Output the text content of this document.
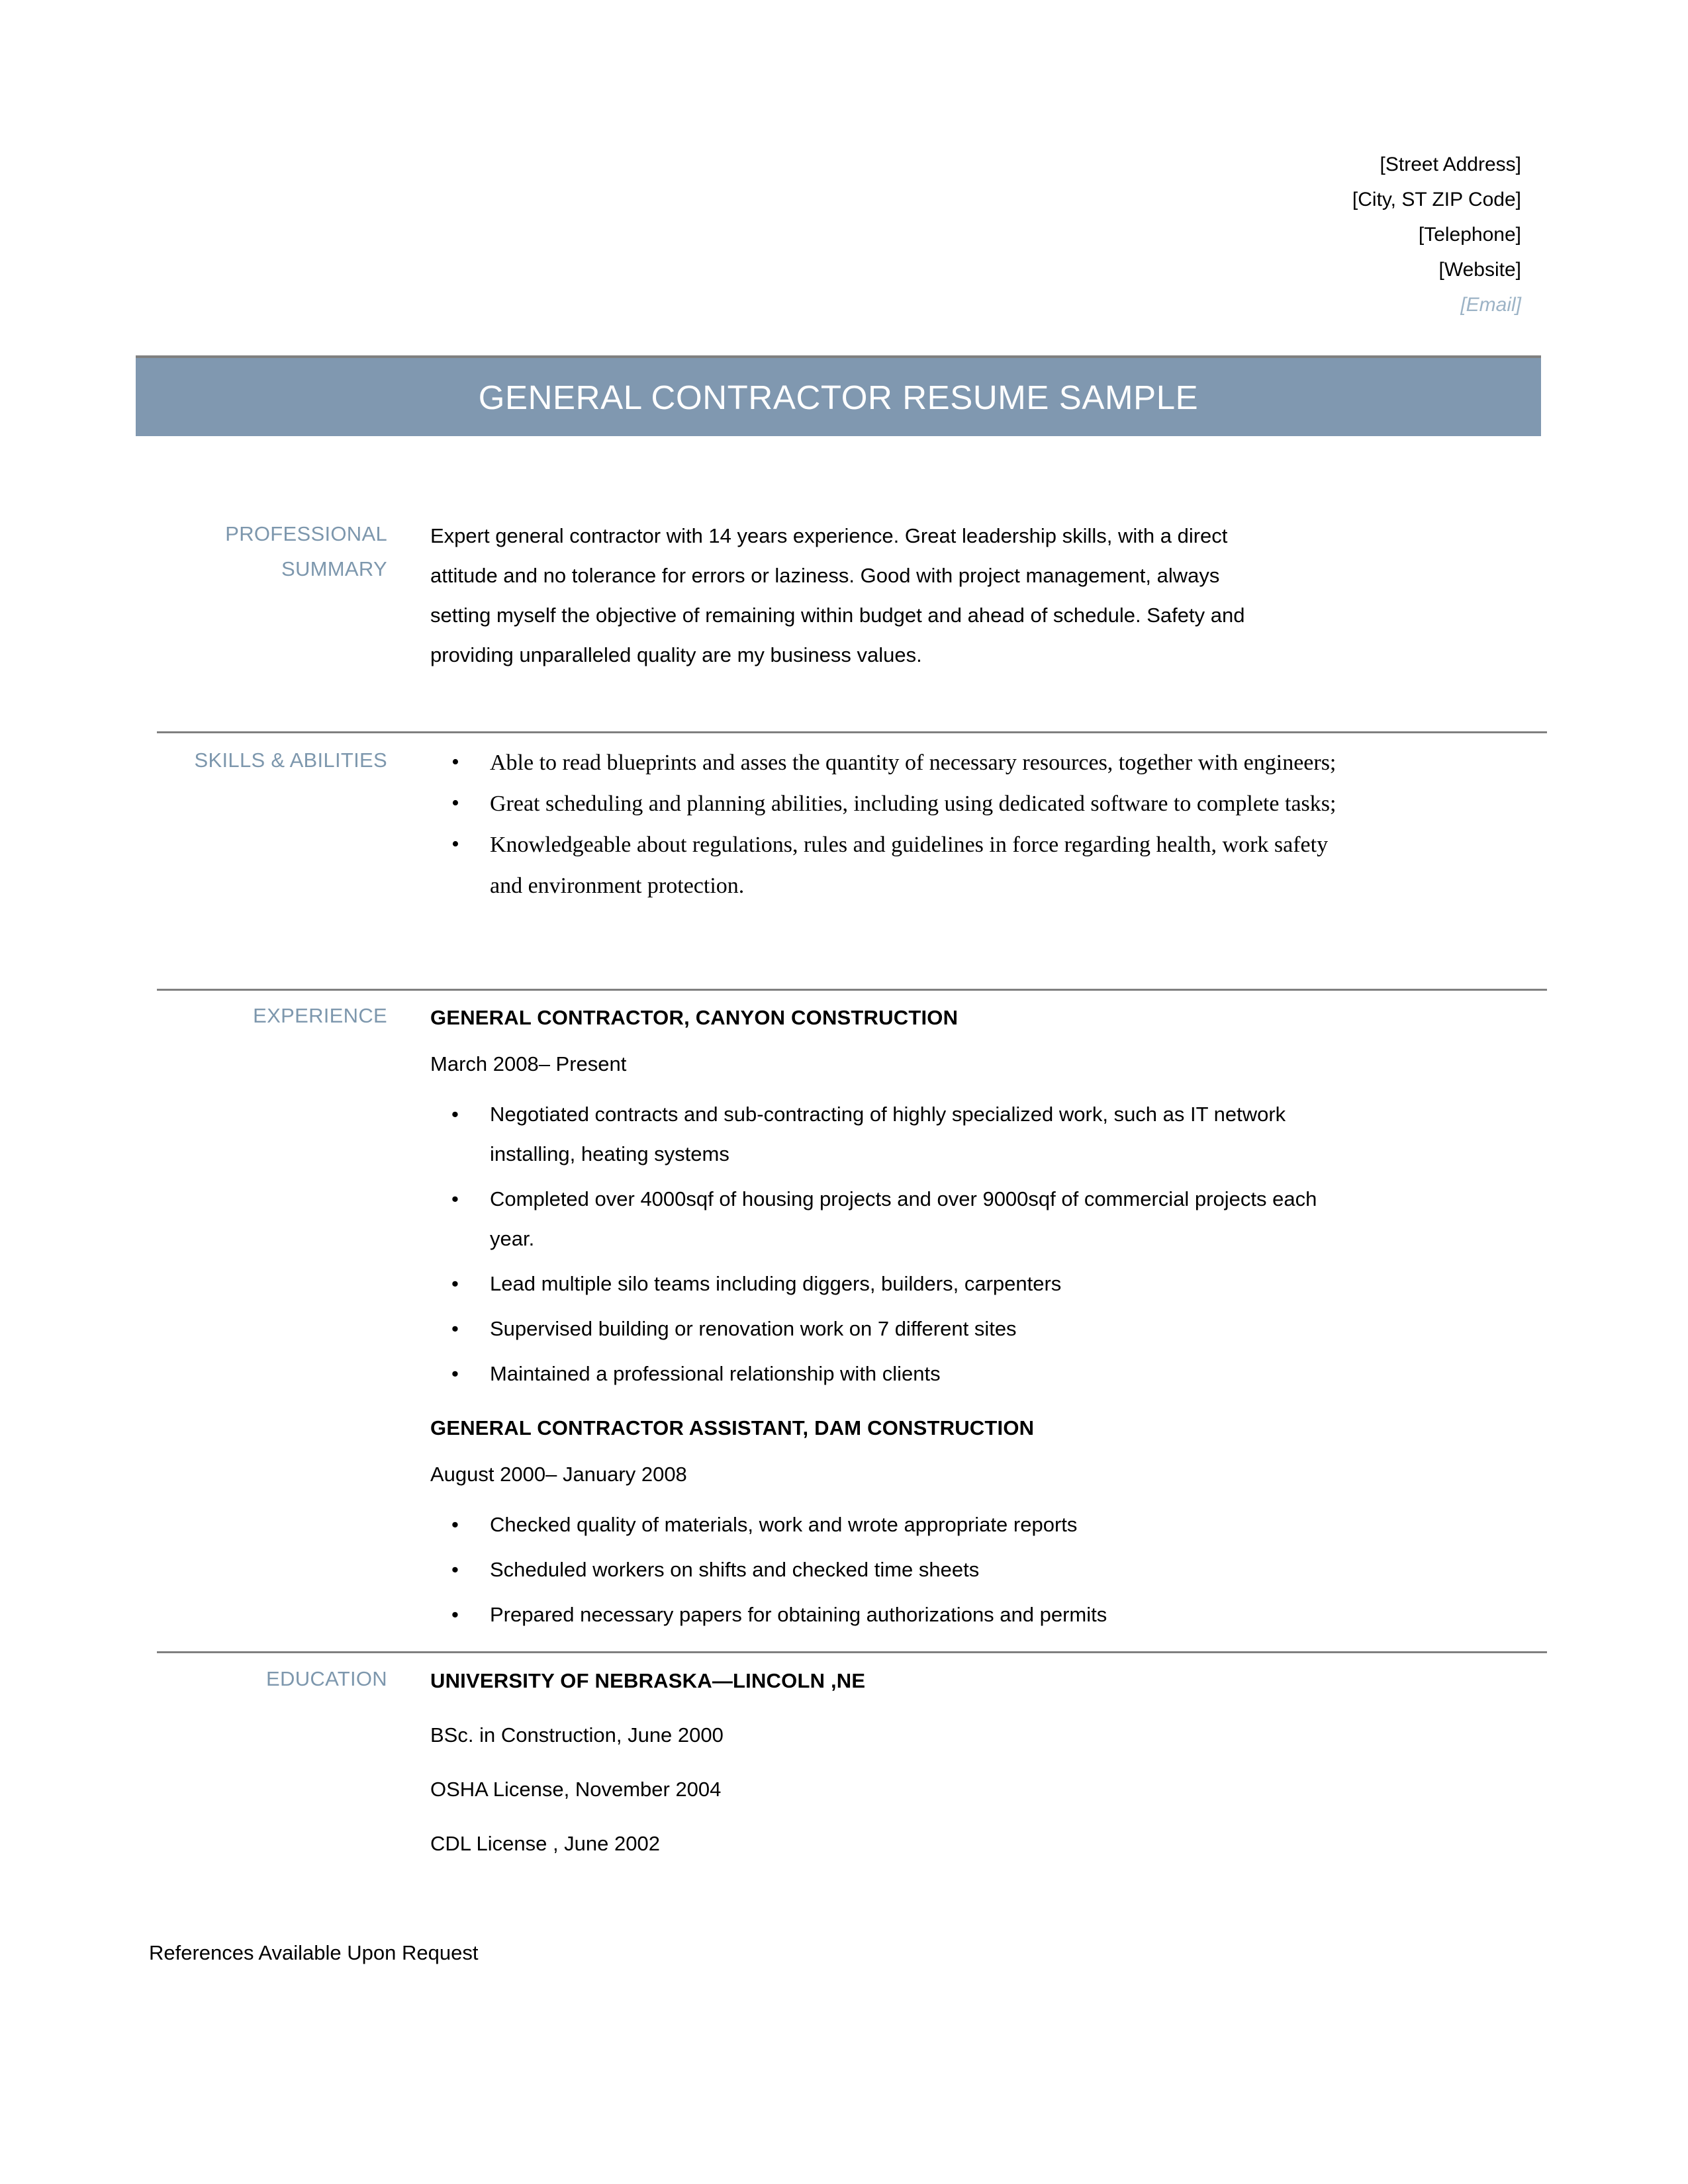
[Street Address]
[City, ST ZIP Code]
[Telephone]
[Website]
[Email]
GENERAL CONTRACTOR RESUME SAMPLE
PROFESSIONAL
SUMMARY

Expert general contractor with 14 years experience. Great leadership skills, with a direct attitude and no tolerance for errors or laziness. Good with project management, always setting myself the objective of remaining within budget and ahead of schedule. Safety and providing unparalleled quality are my business values.

SKILLS & ABILITIES	• Able to read blueprints and asses the quantity of necessary resources, together with engineers;
• Great scheduling and planning abilities, including using dedicated software to complete tasks;
• Knowledgeable about regulations, rules and guidelines in force regarding health, work safety and environment protection.
EXPERIENCE GENERAL CONTRACTOR, CANYON CONSTRUCTION

March 2008– Present

• Negotiated contracts and sub-contracting of highly specialized work, such as IT network installing, heating systems
• Completed over 4000sqf of housing projects and over 9000sqf of commercial projects each year.
• Lead multiple silo teams including diggers, builders, carpenters
• Supervised building or renovation work on 7 different sites
• Maintained a professional relationship with clients

GENERAL CONTRACTOR ASSISTANT, DAM CONSTRUCTION

August 2000– January 2008

• Checked quality of materials, work and wrote appropriate reports
• Scheduled workers on shifts and checked time sheets
• Prepared necessary papers for obtaining authorizations and permits
EDUCATION UNIVERSITY OF NEBRASKA—LINCOLN ,NE

BSc. in Construction, June 2000

OSHA License, November 2004

CDL License , June 2002

References Available Upon Request
